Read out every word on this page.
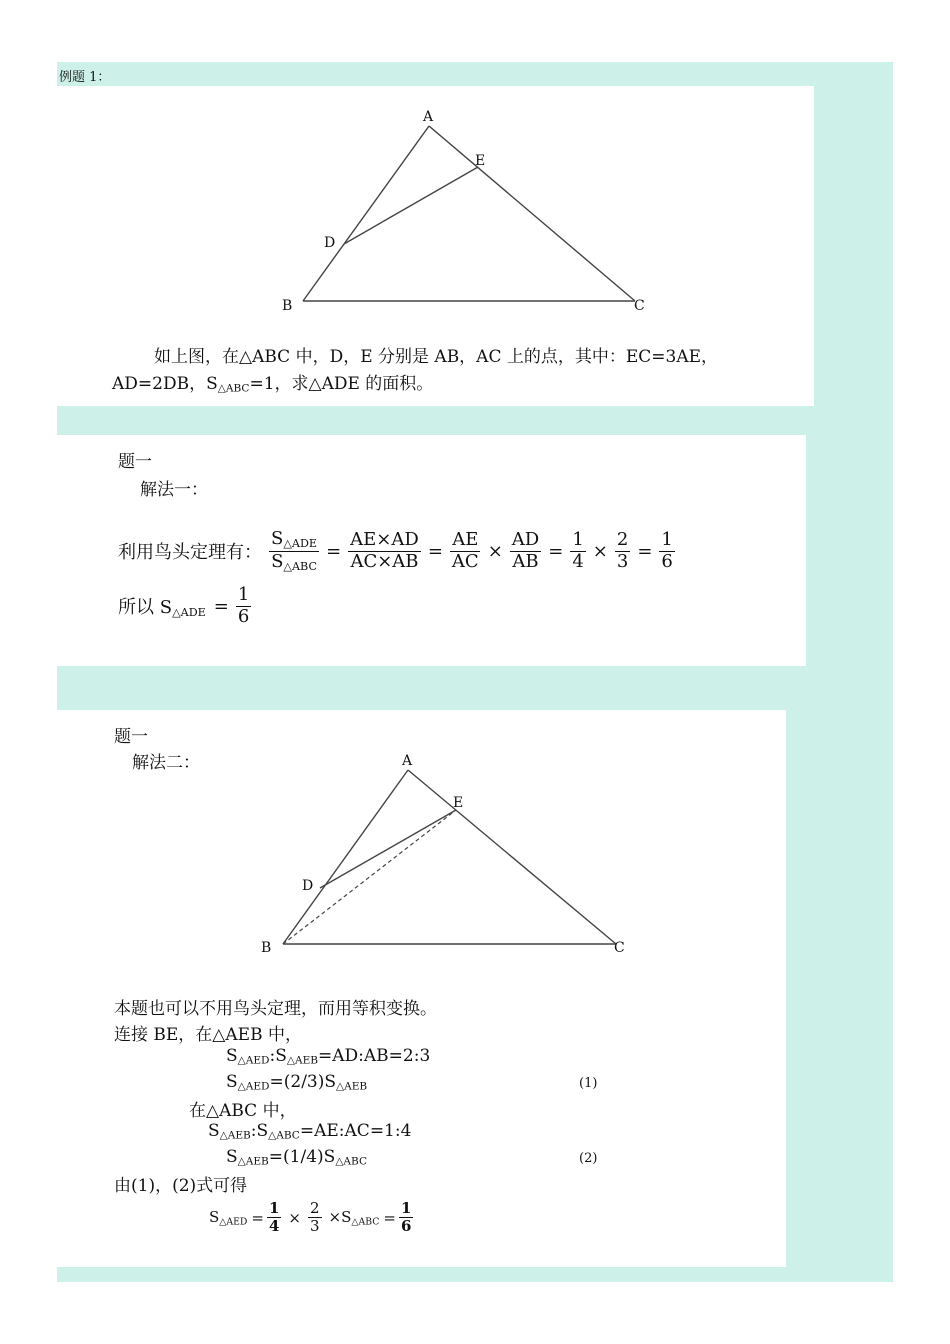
例题 1：
A
E
D
B	C
如上图，在△ABC 中，D，E 分别是 AB，AC 上的点，其中：EC=3AE，
AD=2DB，$S_{\triangle ABC}=1$，求△ADE 的面积。
题一
解法一：
利用鸟头定理有： $\frac{S_{\triangle ADE}}{S_{\triangle ABC}} = \frac{AE\times AD}{AC\times AB} = \frac{AE}{AC} \times \frac{AD}{AB} = \frac{1}{4} \times \frac{2}{3} = \frac{1}{6}$
所以 $S_{\triangle ADE} = \frac{1}{6}$
题一
解法二：	A
E
D
B	C
本题也可以不用鸟头定理，而用等积变换。
连接 BE，在△AEB 中，
$S_{\triangle AED}:S_{\triangle AEB}=AD:AB=2:3$
$S_{\triangle AED}=(2/3)S_{\triangle AEB}$	(1)
在△ABC 中，
$S_{\triangle AEB}:S_{\triangle ABC}=AE:AC=1:4$
$S_{\triangle AEB}=(1/4)S_{\triangle ABC}$	(2)
由(1)，(2)式可得
$S_{\triangle AED} = \frac{1}{4} \times \frac{2}{3} \times S_{\triangle ABC} = \frac{1}{6}$
